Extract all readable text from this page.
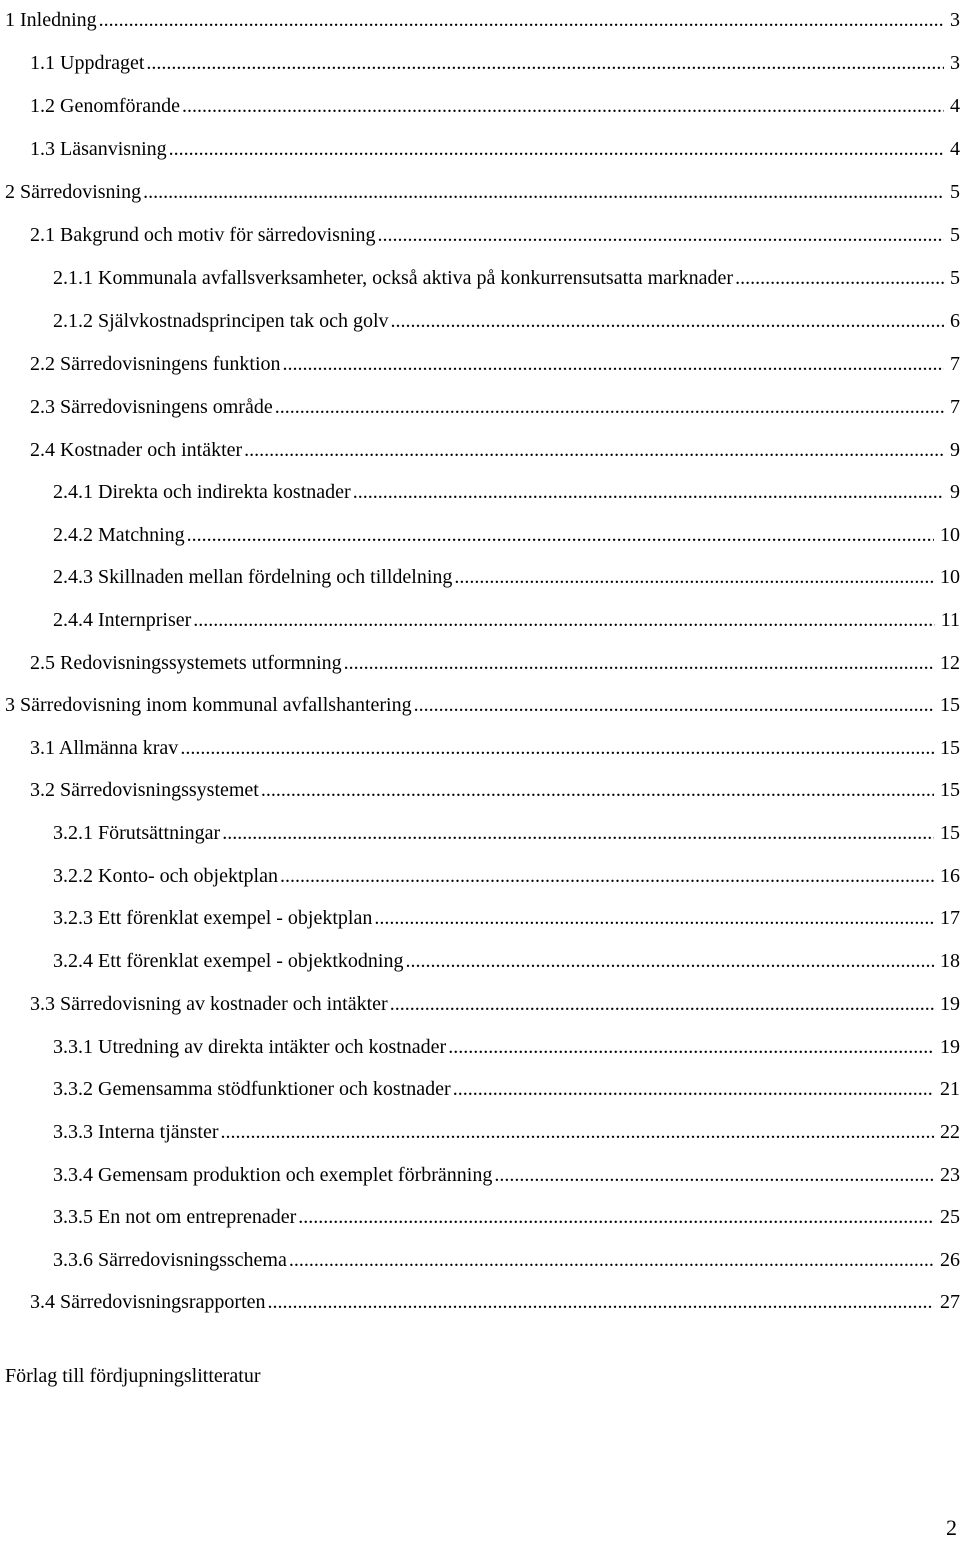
1 Inledning .....	3
1.1 Uppdraget .....	3
1.2 Genomförande .....	4
1.3 Läsanvisning .....	4
2 Särredovisning .....	5
2.1 Bakgrund och motiv för särredovisning .....	5
2.1.1 Kommunala avfallsverksamheter, också aktiva på konkurrensutsatta marknader .....	5
2.1.2 Självkostnadsprincipen tak och golv .....	6
2.2 Särredovisningens funktion .....	7
2.3 Särredovisningens område .....	7
2.4 Kostnader och intäkter .....	9
2.4.1 Direkta och indirekta kostnader .....	9
2.4.2 Matchning .....	10
2.4.3 Skillnaden mellan fördelning och tilldelning .....	10
2.4.4 Internpriser .....	11
2.5 Redovisningssystemets utformning .....	12
3 Särredovisning inom kommunal avfallshantering .....	15
3.1 Allmänna krav .....	15
3.2 Särredovisningssystemet .....	15
3.2.1 Förutsättningar .....	15
3.2.2 Konto- och objektplan .....	16
3.2.3 Ett förenklat exempel - objektplan .....	17
3.2.4 Ett förenklat exempel - objektkodning .....	18
3.3 Särredovisning av kostnader och intäkter .....	19
3.3.1 Utredning av direkta intäkter och kostnader .....	19
3.3.2 Gemensamma stödfunktioner och kostnader .....	21
3.3.3 Interna tjänster .....	22
3.3.4 Gemensam produktion och exemplet förbränning .....	23
3.3.5 En not om entreprenader .....	25
3.3.6 Särredovisningsschema .....	26
3.4 Särredovisningsrapporten .....	27
Förlag till fördjupningslitteratur
2
